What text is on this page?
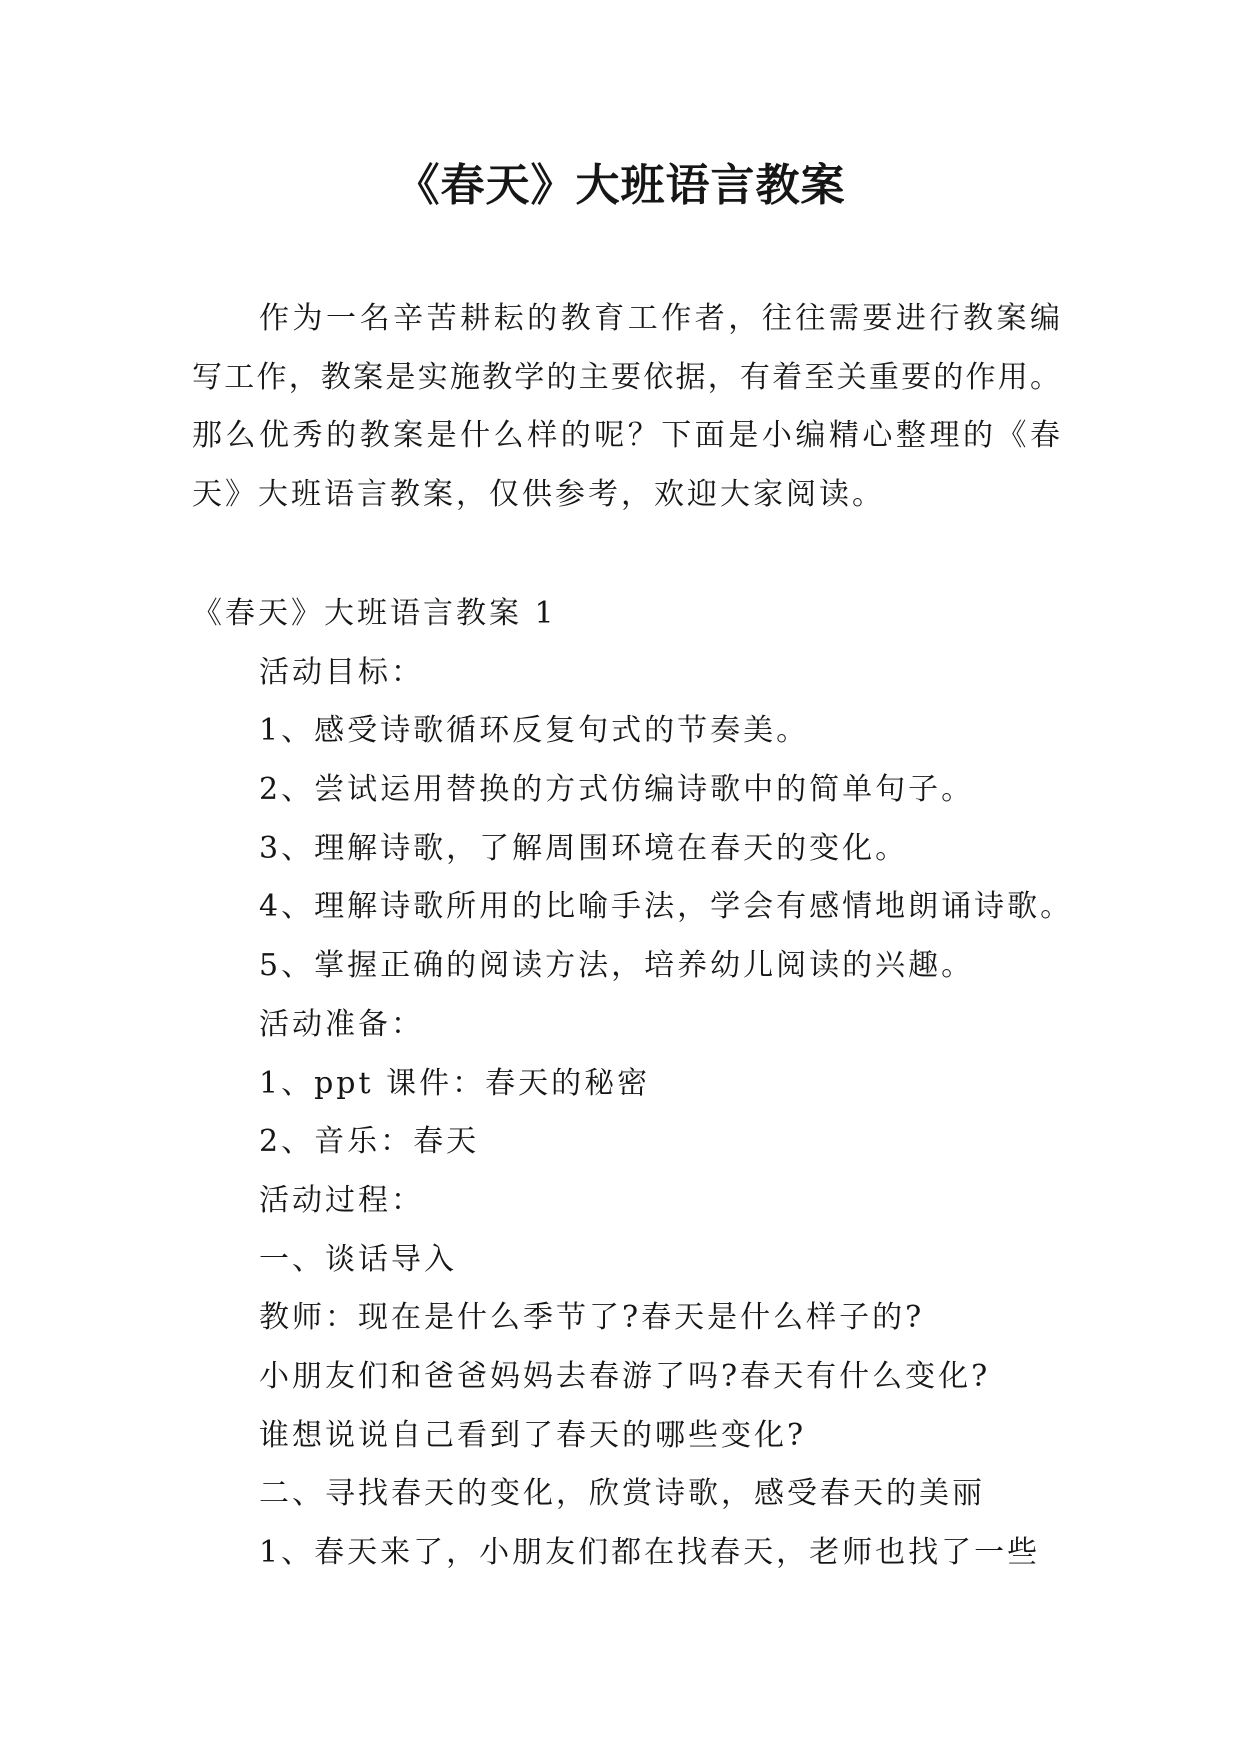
《春天》大班语言教案
作为一名辛苦耕耘的教育工作者，往往需要进行教案编
写工作，教案是实施教学的主要依据，有着至关重要的作用。
那么优秀的教案是什么样的呢？下面是小编精心整理的《春
天》大班语言教案，仅供参考，欢迎大家阅读。
《春天》大班语言教案 1
活动目标：
1、感受诗歌循环反复句式的节奏美。
2、尝试运用替换的方式仿编诗歌中的简单句子。
3、理解诗歌，了解周围环境在春天的变化。
4、理解诗歌所用的比喻手法，学会有感情地朗诵诗歌。
5、掌握正确的阅读方法，培养幼儿阅读的兴趣。
活动准备：
1、ppt 课件：春天的秘密
2、音乐：春天
活动过程：
一、谈话导入
教师：现在是什么季节了?春天是什么样子的?
小朋友们和爸爸妈妈去春游了吗?春天有什么变化?
谁想说说自己看到了春天的哪些变化?
二、寻找春天的变化，欣赏诗歌，感受春天的美丽
1、春天来了，小朋友们都在找春天，老师也找了一些
